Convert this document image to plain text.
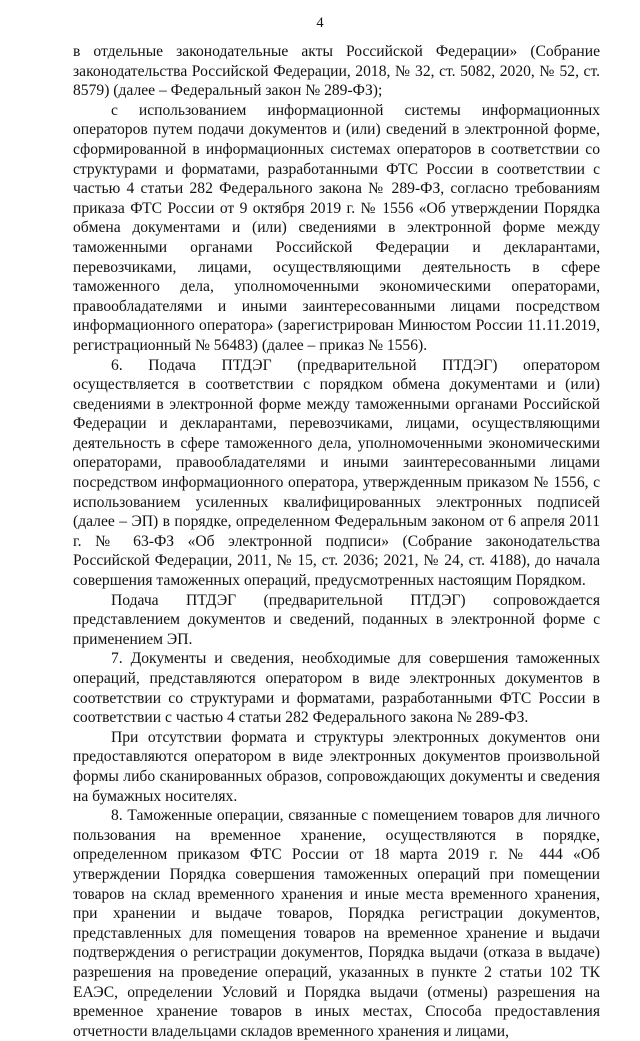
4

в отдельные законодательные акты Российской Федерации» (Собрание законодательства Российской Федерации, 2018, № 32, ст. 5082, 2020, № 52, ст. 8579) (далее – Федеральный закон № 289-ФЗ);

с использованием информационной системы информационных операторов путем подачи документов и (или) сведений в электронной форме, сформированной в информационных системах операторов в соответствии со структурами и форматами, разработанными ФТС России в соответствии с частью 4 статьи 282 Федерального закона № 289-ФЗ, согласно требованиям приказа ФТС России от 9 октября 2019 г. № 1556 «Об утверждении Порядка обмена документами и (или) сведениями в электронной форме между таможенными органами Российской Федерации и декларантами, перевозчиками, лицами, осуществляющими деятельность в сфере таможенного дела, уполномоченными экономическими операторами, правообладателями и иными заинтересованными лицами посредством информационного оператора» (зарегистрирован Минюстом России 11.11.2019, регистрационный № 56483) (далее – приказ № 1556).

6. Подача ПТДЭГ (предварительной ПТДЭГ) оператором осуществляется в соответствии с порядком обмена документами и (или) сведениями в электронной форме между таможенными органами Российской Федерации и декларантами, перевозчиками, лицами, осуществляющими деятельность в сфере таможенного дела, уполномоченными экономическими операторами, правообладателями и иными заинтересованными лицами посредством информационного оператора, утвержденным приказом № 1556, с использованием усиленных квалифицированных электронных подписей (далее – ЭП) в порядке, определенном Федеральным законом от 6 апреля 2011 г. № 63-ФЗ «Об электронной подписи» (Собрание законодательства Российской Федерации, 2011, № 15, ст. 2036; 2021, № 24, ст. 4188), до начала совершения таможенных операций, предусмотренных настоящим Порядком.

Подача ПТДЭГ (предварительной ПТДЭГ) сопровождается представлением документов и сведений, поданных в электронной форме с применением ЭП.

7. Документы и сведения, необходимые для совершения таможенных операций, представляются оператором в виде электронных документов в соответствии со структурами и форматами, разработанными ФТС России в соответствии с частью 4 статьи 282 Федерального закона № 289-ФЗ.

При отсутствии формата и структуры электронных документов они предоставляются оператором в виде электронных документов произвольной формы либо сканированных образов, сопровождающих документы и сведения на бумажных носителях.

8. Таможенные операции, связанные с помещением товаров для личного пользования на временное хранение, осуществляются в порядке, определенном приказом ФТС России от 18 марта 2019 г. № 444 «Об утверждении Порядка совершения таможенных операций при помещении товаров на склад временного хранения и иные места временного хранения, при хранении и выдаче товаров, Порядка регистрации документов, представленных для помещения товаров на временное хранение и выдачи подтверждения о регистрации документов, Порядка выдачи (отказа в выдаче) разрешения на проведение операций, указанных в пункте 2 статьи 102 ТК ЕАЭС, определении Условий и Порядка выдачи (отмены) разрешения на временное хранение товаров в иных местах, Способа предоставления отчетности владельцами складов временного хранения и лицами,
